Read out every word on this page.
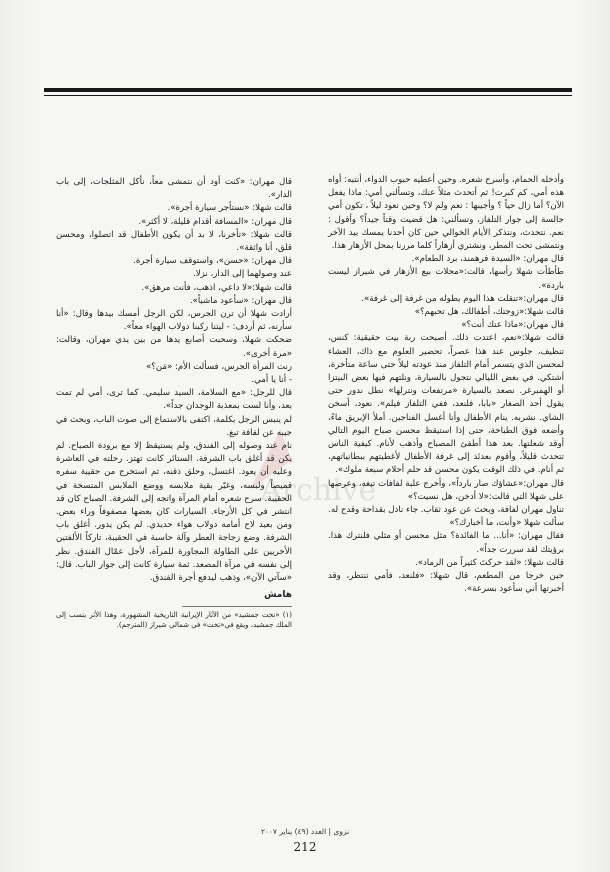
وأدخله الحمام، وأسرح شعره. وحين أعطيه حبوب الدواء، أنتبه: أواه هذه أمي، كم كبرت! ثم أتحدث مثلاً عنك، وتسألني أمي: ماذا يفعل الآن؟ أما زال حياً ؟ وأجيبها : نعم ولم لا؟ وحين نعود ليلاً ، تكون أمي جالسة إلى جوار التلفاز، وتسألني: هل قضيت وقتاً جيداً؟ وأقول : نعم. نتحدث، ونتذكر الأيام الخوالي حين كان أحدنا يمسك بيد الآخر ونتمشى تحت المطر، ونشتري أزهاراً كلما مررنا بمحل الأزهار هذا.

قال مهران: «السيدة فرهمند، برد الطعام».

طأطأت شهلا رأسها، قالت:«محلات بيع الأزهار في شيراز ليست باردة».

قال مهران:«تنقلت هذا اليوم بطوله من غرفة إلى غرفة».

قالت شهلا:«زوجتك، أطفالك، هل تحبهم؟»

قال مهران:«ماذا عنك أنت؟»

قالت شهلا:«نعم، اعتدت ذلك. أصبحت ربة بيت حقيقية: كنس، تنظيف، جلوس عند هذا عصراً، تحضير العلوم مع ذاك، العشاء لمحسن الذي يتسمر أمام التلفاز منذ عودته ليلاً حتى ساعة متأخرة، أشتكي. في بعض الليالي نتجول بالسيارة، ونلتهم فيها بعض البيتزا أو الهمبرغر. نصعد بالسيارة «مرتفعات ونترلها» نطل ندور حتى يقول أحد الصغار «بابا، فلنعد، ففي التلفاز فيلم». نعود، أسخن الشاي. نشربه. ينام الأطفال وأنا أغسل الفناجين. أملأ الإبريق ماءً، وأضعه فوق الطباخة، حتى إذا استيقظ محسن صباح اليوم التالي أوقد شعلتها. بعد هذا أطفئ المصباح وأذهب لأنام. كيفية الناس تتحدث قليلاً، وأقوم بعدئذ إلى غرفة الأطفال لأغطيتهم ببطانياتهم، ثم أنام. في ذلك الوقت يكون محسن قد حلم أحلام سبعة ملوك».

قال مهران:«عشاؤك صار بارداً»، وأخرج علبة لفافات تبغه، وعرضها على شهلا التي قالت:«لا أدخن، هل نسيت؟»

تناول مهران لفافة، وبحث عن عود ثقاب. جاء نادل بقداحة وقدح له.

سألت شهلا «وأنت، ما أخبارك؟»

فقال مهران: «أنا... ما الفائدة؟ مثل محسن أو مثلي فلنترك هذا. برؤيتك لقد سررت جداً».

قالت شهلا: «لقد حركتَ كثيراً من الرماد».

حين خرجا من المطعم، قال شهلا: «فلنعد، فأمي تنتظر، وقد أخبرتها أني سأعود بسرعة».

قال مهران: «كنت أود أن نتمشى معاً، نأكل المثلجات، إلى باب الدار».

قالت شهلا: «نستأجر سيارة أجرة».

قال مهران: «المسافة أقدام قليلة، لا أكثر».

قالت شهلا: «تأخرنا، لا بد أن يكون الأطفال قد اتصلوا، ومحسن قلق، أنا واثقة».

قال مهران: «حسن»، واستوقف سيارة أجرة.

عند وصولهما إلى الدار، نزلا.

قالت شهلا:«لا داعي، اذهب، فأنت مرهق».

قال مهران: «سأعود ماشياً».

أرادت شهلا أن ترن الجرس، لكن الرجل أمسك بيدها وقال: «أنا سأرنه، ثم أردف: - ليتنا ركبنا دولاب الهواء معاً».

ضحكت شهلا، وسحبت أصابع يدها من بين يدي مهران، وقالت: «مرة أخرى».

رنت المرأة الجرس، فسألت الأم: «مَن؟»

- أنا يا أمي.

قال للرجل: «مع السلامة، السيد سليمي. كما ترى، أمي لم تمت بعد، وأنا لست بمعذبة الوجدان جداً».

لم ينبس الرجل بكلمة، اكتفى بالاستماع إلى صوت الباب، وبحث في جيبه عن لفافة تبغ.

نام عند وصوله إلى الفندق، ولم يستيقظ إلا مع برودة الصباح. لم يكن قد أغلق باب الشرفة. الستائر كانت تهتز. رحلته في العاشرة وعليه أن يعود. اغتسل، وحلق ذقنه، ثم استخرج من حقيبة سفره قميصاً ولبسه، وغيّر بقية ملابسه ووضع الملابس المتسخة في الحقيبة. سرح شعره أمام المرآة واتجه إلى الشرفة. الصباح كان قد انتشر في كل الأرجاء. السيارات كان بعضها مصفوفاً وراء بعض. ومن بعيد لاح أمامه دولاب هواء حديدي. لم يكن يدور. أغلق باب الشرفة. وضع زجاجة العطر وآلة حاسبة في الحقيبة، تاركاً الألفتين الأخريين على الطاولة المجاورة للمرآة، لأجل عمّال الفندق. نظر إلى نفسه في مرآة المصعد. ثمة سيارة كانت إلى جوار الباب. قال: «سآتي الآن»، وذهب ليدفع أجرة الفندق.

هامش

(١) «تخت جمشيد» من الآثار الإيرانية التاريخية المشهورة، وهذا الأثر ينسب إلى الملك جمشيد، ويقع في«تخت» في شمالي شيراز (المترجم).

نزوى | العدد (٤٩) يناير ٢٠٠٧
212
